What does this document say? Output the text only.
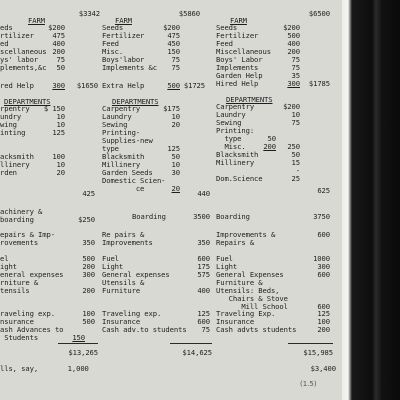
$3342
FARM
eds	$200
rtilizer	475
ed	400
scellaneous 200
ys' labor	75
plements,&c	50
red Help	300	$1650
DEPARTMENTS
rpentry	$ 150
undry	10
wing	10
inting	125
acksmith	100
llinery	10
rden	20
425
achinery &
boarding	$250
epairs & Imp-
rovements	350
el	500
ight	200
eneral expenses	300
rniture &
tensils	200
raveling exp.	100
nsurance	500
ash Advances to
Students	150
$13,265
lls, say,       1,000
$5860
FARM
Seeds	$200
Fertilizer	475
Feed	450
Misc.	150
Boys'labor	75
Implements &c	75
Extra Help	500 $1725
DEPARTMENTS
Carpentry	$175
Laundry	10
Sewing	20
Printing-
Supplies-new
type	125
Blacksmith	50
Millinery	10
Garden Seeds	30
Domestic Scien-
ce	20
440
Boarding	3500
Re pairs &
Improvements	350
Fuel	600
Light	175
General expenses	575
Utensils &
Furniture	400
Traveling exp.	125
Insurance	600
Cash adv.to students	75
$14,625
$6500
FARM
Seeds	$200
Fertilizer	500
Feed	400
Miscellaneous	200
Boys' Labor	75
Implements	75
Garden Help	35
Hired Help	300	$1785
DEPARTMENTS
Carpentry	$200
Laundry	10
Sewing	75
Printing:
type	50
Misc.	200	250
Blacksmith	50
Millinery	15
-
Dom.Science	25
625
Boarding	3750
Improvements &
Repairs &
600
Fuel	1000
Light	300
General Expenses	600
Furniture &
Utensils: Beds,
Chairs & Stove
Mill School	600
Traveling Exp.	125
Insurance	100
Cash advts students	200
$15,985
$3,400
(1.5)
